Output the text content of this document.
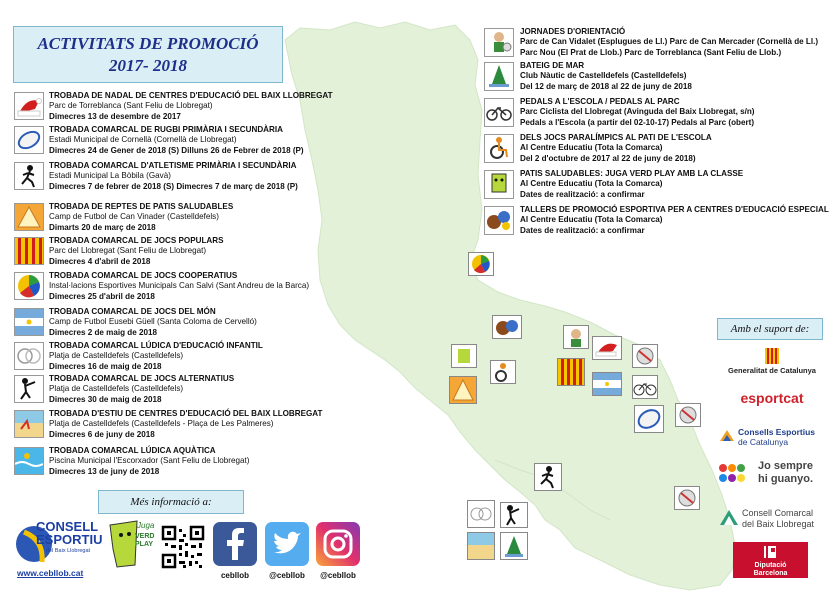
ACTIVITATS DE PROMOCIÓ
2017- 2018
TROBADA DE NADAL DE CENTRES D'EDUCACIÓ DEL BAIX LLOBREGAT
Parc de Torreblanca (Sant Feliu de Llobregat)
Dimecres 13 de desembre de 2017
TROBADA COMARCAL DE RUGBI PRIMÀRIA I SECUNDÀRIA
Estadi Municipal de Cornellà (Cornellà de Llobregat)
Dimecres 24 de Gener de 2018 (S) Dilluns 26 de Febrer de 2018 (P)
TROBADA COMARCAL D'ATLETISME PRIMÀRIA I SECUNDÀRIA
Estadi Municipal La Bòbila (Gavà)
Dimecres 7 de febrer de 2018 (S) Dimecres 7 de març de 2018 (P)
TROBADA DE REPTES DE PATIS SALUDABLES
Camp de Futbol de Can Vinader (Castelldefels)
Dimarts 20 de març de 2018
TROBADA COMARCAL DE JOCS POPULARS
Parc del Llobregat (Sant Feliu de Llobregat)
Dimecres 4 d'abril de 2018
TROBADA COMARCAL DE JOCS COOPERATIUS
Instal·lacions Esportives Municipals Can Salvi (Sant Andreu de la Barca)
Dimecres 25 d'abril de 2018
TROBADA COMARCAL DE JOCS DEL MÓN
Camp de Futbol Eusebi Güell (Santa Coloma de Cervelló)
Dimecres 2 de maig de 2018
TROBADA COMARCAL LÚDICA D'EDUCACIÓ INFANTIL
Platja de Castelldefels (Castelldefels)
Dimecres 16 de maig de 2018
TROBADA COMARCAL DE JOCS ALTERNATIUS
Platja de Castelldefels (Castelldefels)
Dimecres 30 de maig de 2018
TROBADA D'ESTIU DE CENTRES D'EDUCACIÓ DEL BAIX LLOBREGAT
Platja de Castelldefels (Castelldefels - Plaça de Les Palmeres)
Dimecres 6 de juny de 2018
TROBADA COMARCAL LÚDICA AQUÀTICA
Piscina Municipal l'Escorxador (Sant Feliu de Llobregat)
Dimecres 13 de juny de 2018
JORNADES D'ORIENTACIÓ
Parc de Can Vidalet (Esplugues de Ll.) Parc de Can Mercader (Cornellà de Ll.)
Parc Nou (El Prat de Llob.) Parc de Torreblanca (Sant Feliu de Llob.)
BATEIG DE MAR
Club Nàutic de Castelldefels (Castelldefels)
Del 12 de març de 2018 al 22 de juny de 2018
PEDALS A L'ESCOLA / PEDALS AL PARC
Parc Ciclista del Llobregat (Avinguda del Baix Llobregat, s/n)
Pedals a l'Escola (a partir del 02-10-17) Pedals al Parc (obert)
DELS JOCS PARALÍMPICS AL PATI DE L'ESCOLA
Al Centre Educatiu (Tota la Comarca)
Del 2 d'octubre de 2017 al 22 de juny de 2018)
PATIS SALUDABLES: JUGA VERD PLAY AMB LA CLASSE
Al Centre Educatiu (Tota la Comarca)
Dates de realització: a confirmar
TALLERS DE PROMOCIÓ ESPORTIVA PER A CENTRES D'EDUCACIÓ ESPECIAL
Al Centre Educatiu (Tota la Comarca)
Dates de realització: a confirmar
Més informació a:
CONSELL
ESPORTIU
del Baix Llobregat
www.cebllob.cat
Juga
VERD
PLAY
cebllob	@cebllob	@cebllob
Amb el suport de:
Generalitat de Catalunya
esportcat
Consells Esportius
de Catalunya
Jo sempre
hi guanyo.
Consell Comarcal
del Baix Llobregat
Diputació
Barcelona
